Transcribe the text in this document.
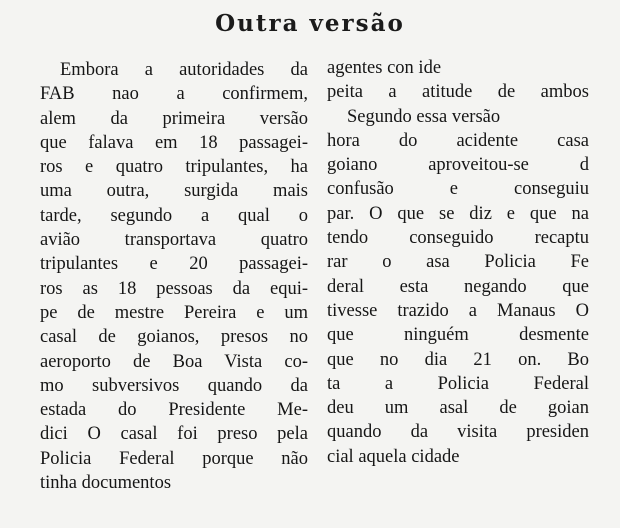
Outra versão
Embora a autoridades da
FAB nao a confirmem,
alem da primeira versão
que falava em 18 passagei-
ros e quatro tripulantes, ha
uma outra, surgida mais
tarde, segundo a qual o
avião transportava quatro
tripulantes e 20 passagei-
ros as 18 pessoas da equi-
pe de mestre Pereira e um
casal de goianos, presos no
aeroporto de Boa Vista co-
mo subversivos quando da
estada do Presidente Me-
dici O casal foi preso pela
Policia Federal porque não
tinha documentos
agentes con ide
peita a atitude de ambos
Segundo essa versão
hora do acidente casa
goiano aproveitou-se d
confusão e conseguiu
par. O que se diz e que na
tendo conseguido recaptu
rar o asa Policia Fe
deral esta negando que
tivesse trazido a Manaus O
que ninguém desmente
que no dia 21 on. Bo
ta a Policia Federal
deu um asal de goian
quando da visita presiden
cial aquela cidade
